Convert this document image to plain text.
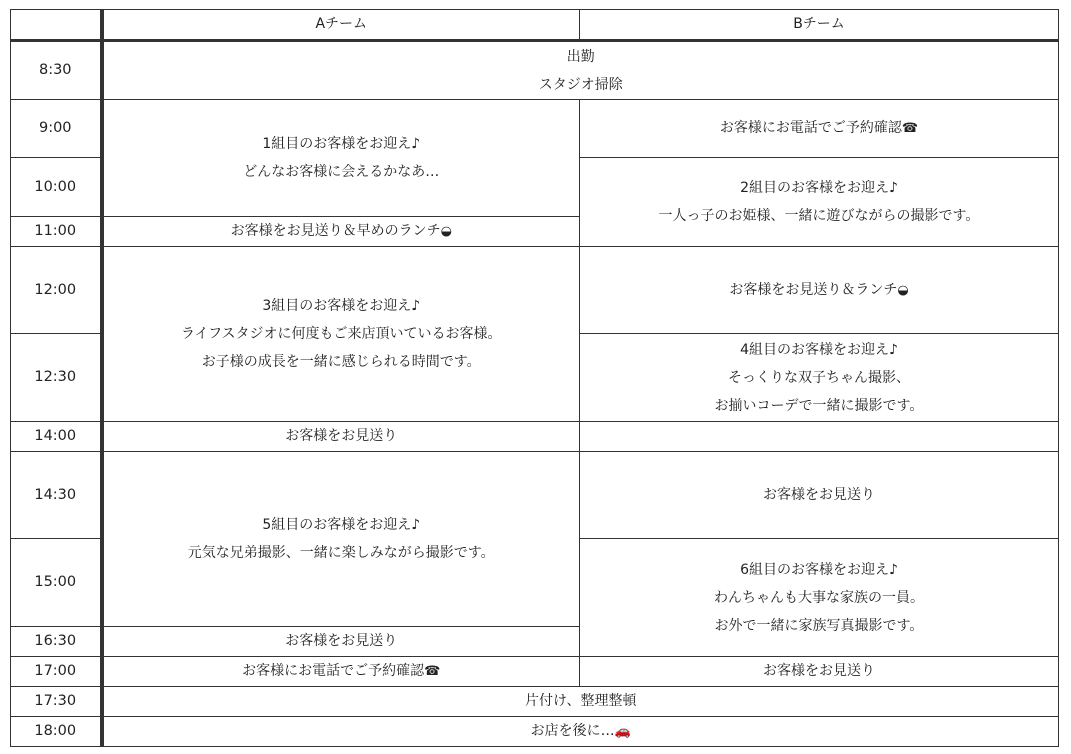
	Aチーム	Bチーム
8:30	出勤
スタジオ掃除	

9:00	1組目のお客様をお迎え♪
どんなお客様に会えるかなあ…	お客様にお電話でご予約確認☎
10:00		2組目のお客様をお迎え♪
一人っ子のお姫様、一緒に遊びながらの撮影です。

11:00	お客様をお見送り＆早めのランチ◒	
12:00	3組目のお客様をお迎え♪
ライフスタジオに何度もご来店頂いているお客様。
お子様の成長を一緒に感じられる時間です。	お客様をお見送り＆ランチ◒
12:30		4組目のお客様をお迎え♪
そっくりな双子ちゃん撮影、
お揃いコーデで一緒に撮影です。

14:00	お客様をお見送り	
14:30	5組目のお客様をお迎え♪
元気な兄弟撮影、一緒に楽しみながら撮影です。	お客様をお見送り
15:00		6組目のお客様をお迎え♪
わんちゃんも大事な家族の一員。
お外で一緒に家族写真撮影です。

16:30	お客様をお見送り	
17:00	お客様にお電話でご予約確認☎	お客様をお見送り
17:30	片付け、整理整頓	
18:00	お店を後に…🚗	
